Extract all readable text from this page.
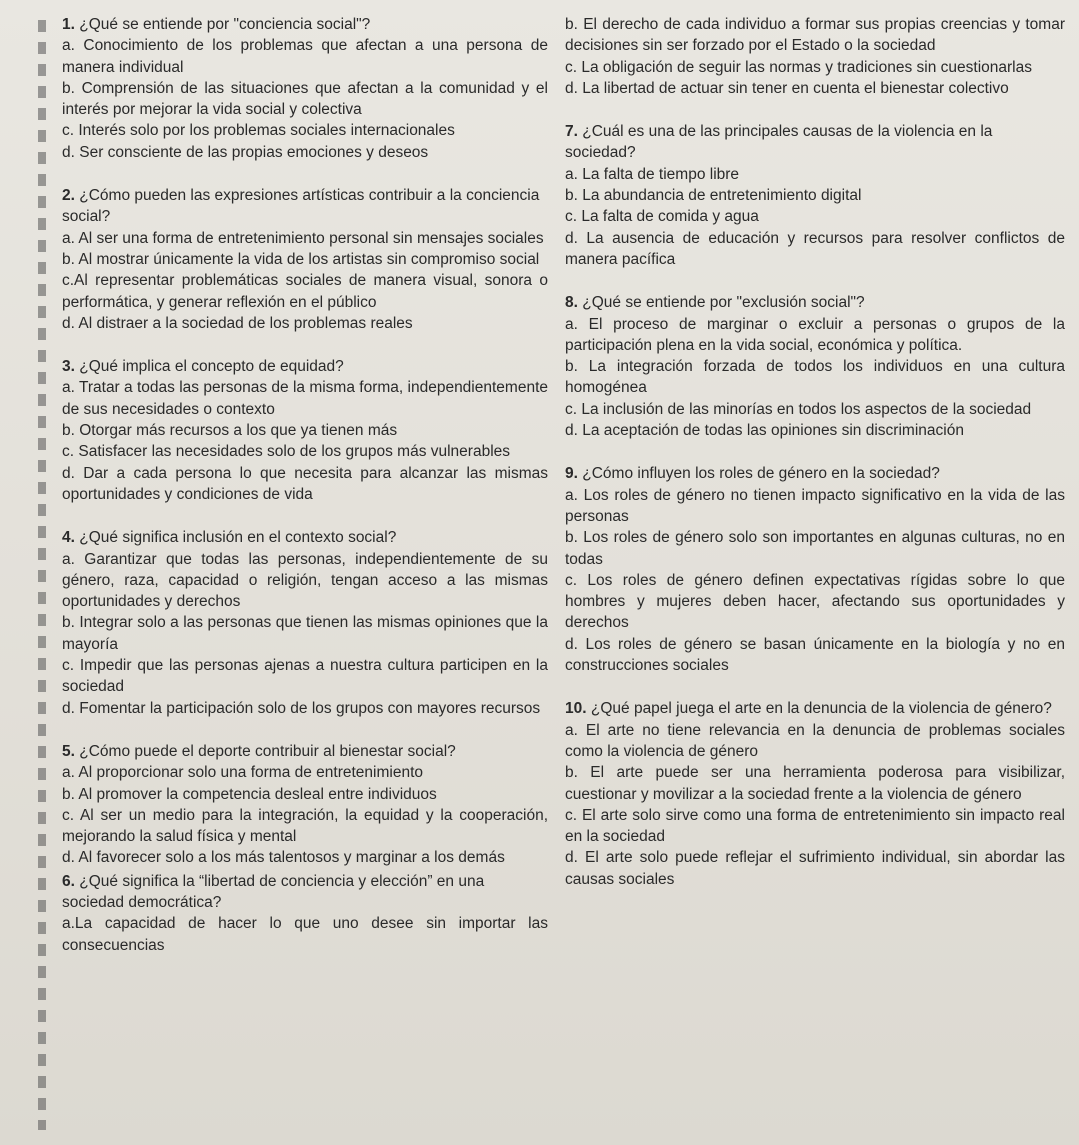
1. ¿Qué se entiende por "conciencia social"?
a. Conocimiento de los problemas que afectan a una persona de manera individual
b. Comprensión de las situaciones que afectan a la comunidad y el interés por mejorar la vida social y colectiva
c. Interés solo por los problemas sociales internacionales
d. Ser consciente de las propias emociones y deseos
2. ¿Cómo pueden las expresiones artísticas contribuir a la conciencia social?
a. Al ser una forma de entretenimiento personal sin mensajes sociales
b. Al mostrar únicamente la vida de los artistas sin compromiso social
c.Al representar problemáticas sociales de manera visual, sonora o performática, y generar reflexión en el público
d. Al distraer a la sociedad de los problemas reales
3. ¿Qué implica el concepto de equidad?
a. Tratar a todas las personas de la misma forma, independientemente de sus necesidades o contexto
b. Otorgar más recursos a los que ya tienen más
c. Satisfacer las necesidades solo de los grupos más vulnerables
d. Dar a cada persona lo que necesita para alcanzar las mismas oportunidades y condiciones de vida
4. ¿Qué significa inclusión en el contexto social?
a. Garantizar que todas las personas, independientemente de su género, raza, capacidad o religión, tengan acceso a las mismas oportunidades y derechos
b. Integrar solo a las personas que tienen las mismas opiniones que la mayoría
c. Impedir que las personas ajenas a nuestra cultura participen en la sociedad
d. Fomentar la participación solo de los grupos con mayores recursos
5. ¿Cómo puede el deporte contribuir al bienestar social?
a. Al proporcionar solo una forma de entretenimiento
b. Al promover la competencia desleal entre individuos
c. Al ser un medio para la integración, la equidad y la cooperación, mejorando la salud física y mental
d. Al favorecer solo a los más talentosos y marginar a los demás
6. ¿Qué significa la “libertad de conciencia y elección” en una sociedad democrática?
a.La capacidad de hacer lo que uno desee sin importar las consecuencias
b. El derecho de cada individuo a formar sus propias creencias y tomar decisiones sin ser forzado por el Estado o la sociedad
c. La obligación de seguir las normas y tradiciones sin cuestionarlas
d. La libertad de actuar sin tener en cuenta el bienestar colectivo
7. ¿Cuál es una de las principales causas de la violencia en la sociedad?
a. La falta de tiempo libre
b. La abundancia de entretenimiento digital
c. La falta de comida y agua
d. La ausencia de educación y recursos para resolver conflictos de manera pacífica
8. ¿Qué se entiende por "exclusión social"?
a. El proceso de marginar o excluir a personas o grupos de la participación plena en la vida social, económica y política.
b. La integración forzada de todos los individuos en una cultura homogénea
c. La inclusión de las minorías en todos los aspectos de la sociedad
d. La aceptación de todas las opiniones sin discriminación
9. ¿Cómo influyen los roles de género en la sociedad?
a. Los roles de género no tienen impacto significativo en la vida de las personas
b. Los roles de género solo son importantes en algunas culturas, no en todas
c. Los roles de género definen expectativas rígidas sobre lo que hombres y mujeres deben hacer, afectando sus oportunidades y derechos
d. Los roles de género se basan únicamente en la biología y no en construcciones sociales
10. ¿Qué papel juega el arte en la denuncia de la violencia de género?
a. El arte no tiene relevancia en la denuncia de problemas sociales como la violencia de género
b. El arte puede ser una herramienta poderosa para visibilizar, cuestionar y movilizar a la sociedad frente a la violencia de género
c. El arte solo sirve como una forma de entretenimiento sin impacto real en la sociedad
d. El arte solo puede reflejar el sufrimiento individual, sin abordar las causas sociales
